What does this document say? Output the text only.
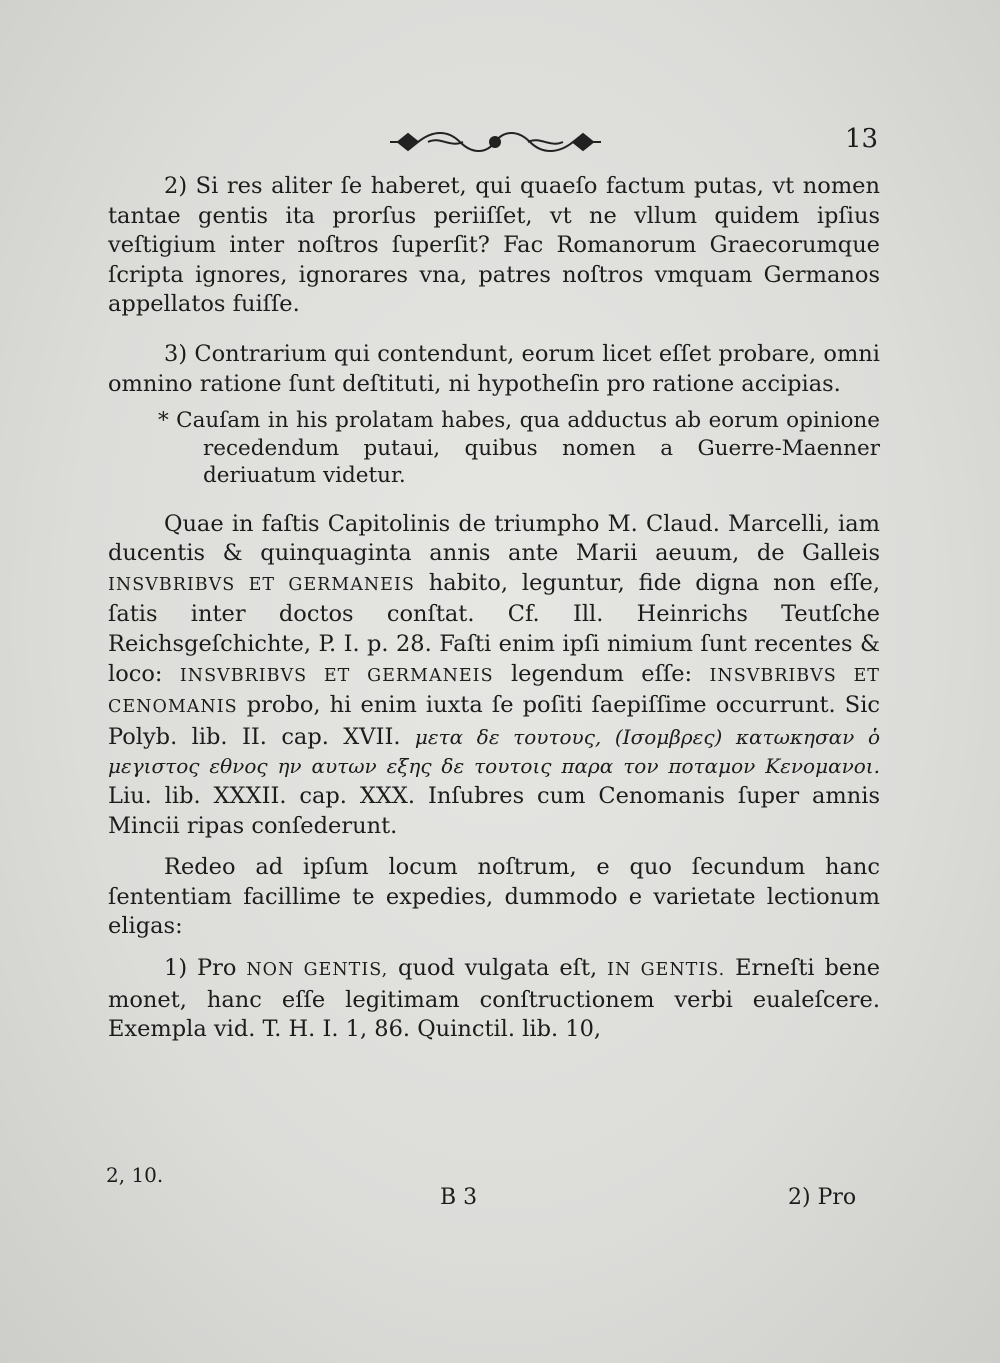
13

2) Si res aliter ſe haberet, qui quaeſo factum putas, vt nomen tantae gentis ita prorſus periiſſet, vt ne vllum quidem ipſius veſtigium inter noſtros ſuperſit? Fac Romanorum Graecorumque ſcripta ignores, ignorares vna, patres noſtros vmquam Germanos appellatos fuiſſe.

3) Contrarium qui contendunt, eorum licet eſſet probare, omni omnino ratione ſunt deſtituti, ni hypotheſin pro ratione accipias.

* Cauſam in his prolatam habes, qua adductus ab eorum opinione recedendum putaui, quibus nomen a Guerre-Maenner deriuatum videtur.

Quae in faſtis Capitolinis de triumpho M. Claud. Marcelli, iam ducentis & quinquaginta annis ante Marii aeuum, de Galleis INSVBRIBVS ET GERMANEIS habito, leguntur, fide digna non eſſe, ſatis inter doctos conſtat. Cf. Ill. Heinrichs Teutſche Reichsgeſchichte, P. I. p. 28. Faſti enim ipſi nimium ſunt recentes & loco: INSVBRIBVS ET GERMANEIS legendum eſſe: INSVBRIBVS ET CENOMANIS probo, hi enim iuxta ſe poſiti ſaepiſſime occurrunt. Sic Polyb. lib. II. cap. XVII. μετα δε τουτους, (Ισομβρες) κατωκησαν ὁ μεγιστος εθνος ην αυτων εξης δε τουτοις παρα τον ποταμον Κενομανοι. Liu. lib. XXXII. cap. XXX. Inſubres cum Cenomanis ſuper amnis Mincii ripas conſederunt.

Redeo ad ipſum locum noſtrum, e quo ſecundum hanc ſententiam facillime te expedies, dummodo e varietate lectionum eligas:

1) Pro NON GENTIS, quod vulgata eſt, IN GENTIS. Erneſti bene monet, hanc eſſe legitimam conſtructionem verbi eualeſcere. Exempla vid. T. H. I. 1, 86. Quinctil. lib. 10,

2, 10.
B 3	2) Pro
